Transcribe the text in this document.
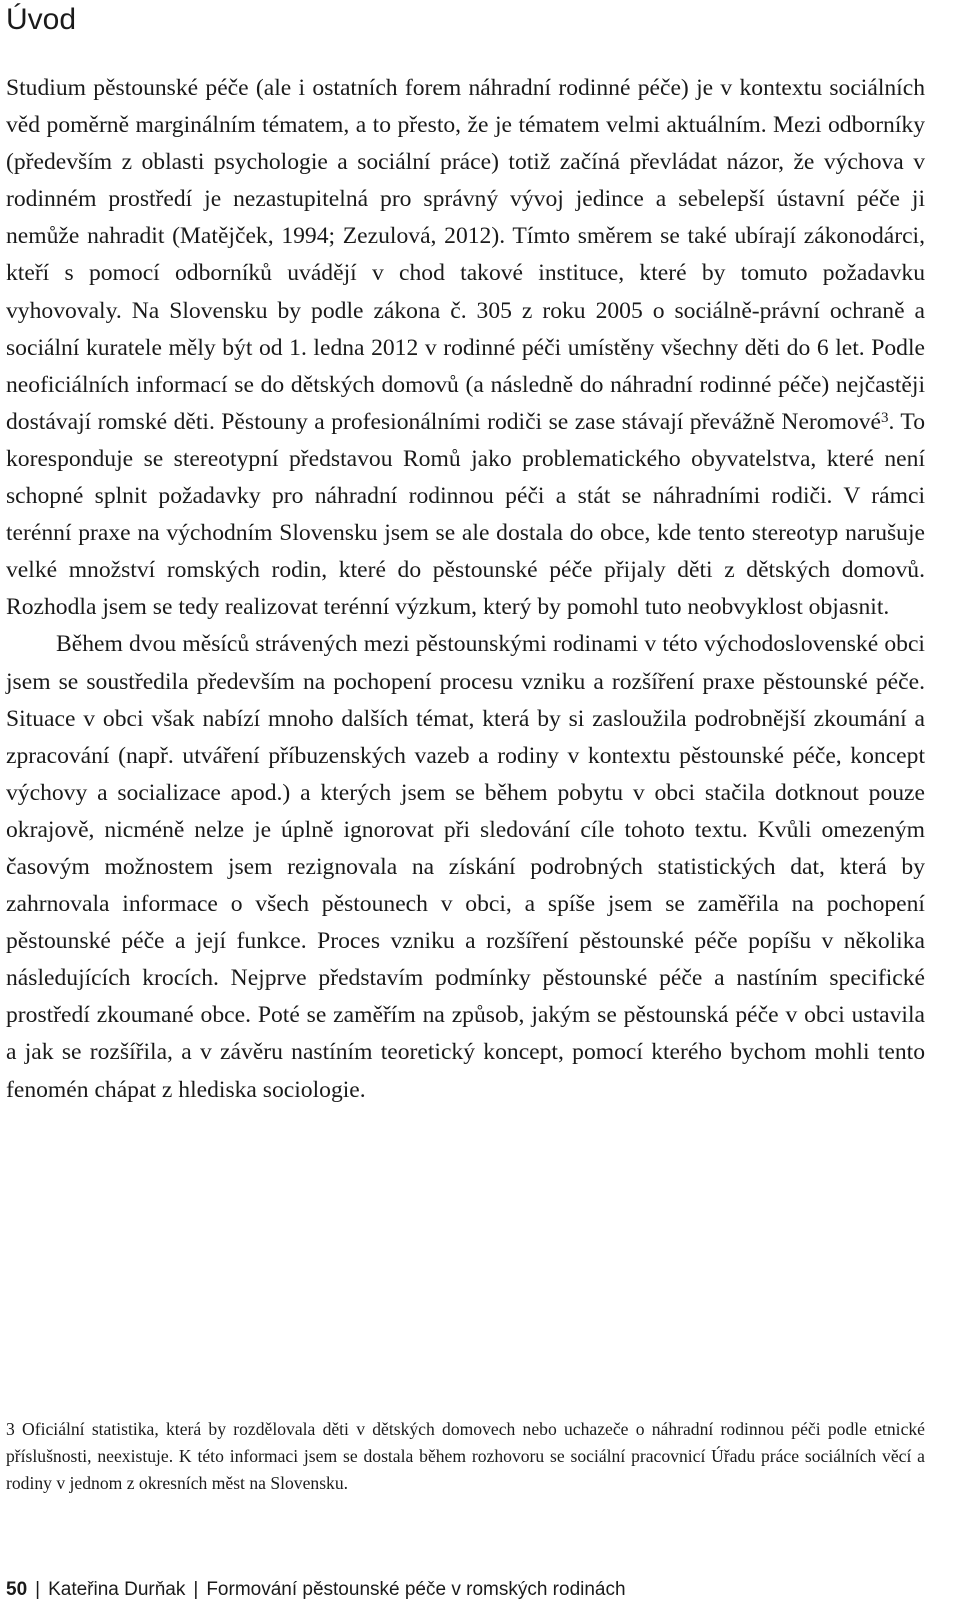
Úvod

Studium pěstounské péče (ale i ostatních forem náhradní rodinné péče) je v kontextu sociálních věd poměrně marginálním tématem, a to přesto, že je tématem velmi aktuálním. Mezi odborníky (především z oblasti psychologie a sociální práce) totiž začíná převládat názor, že výchova v rodinném prostředí je nezastupitelná pro správný vývoj jedince a sebelepší ústavní péče ji nemůže nahradit (Matějček, 1994; Zezulová, 2012). Tímto směrem se také ubírají zákonodárci, kteří s pomocí odborníků uvádějí v chod takové instituce, které by tomuto požadavku vyhovovaly. Na Slovensku by podle zákona č. 305 z roku 2005 o sociálně-právní ochraně a sociální kuratele měly být od 1. ledna 2012 v rodinné péči umístěny všechny děti do 6 let. Podle neoficiálních informací se do dětských domovů (a následně do náhradní rodinné péče) nejčastěji dostávají romské děti. Pěstouny a profesionálními rodiči se zase stávají převážně Neromové$^3$. To koresponduje se stereotypní představou Romů jako problematického obyvatelstva, které není schopné splnit požadavky pro náhradní rodinnou péči a stát se náhradními rodiči. V rámci terénní praxe na východním Slovensku jsem se ale dostala do obce, kde tento stereotyp narušuje velké množství romských rodin, které do pěstounské péče přijaly děti z dětských domovů. Rozhodla jsem se tedy realizovat terénní výzkum, který by pomohl tuto neobvyklost objasnit.

Během dvou měsíců strávených mezi pěstounskými rodinami v této východoslovenské obci jsem se soustředila především na pochopení procesu vzniku a rozšíření praxe pěstounské péče. Situace v obci však nabízí mnoho dalších témat, která by si zasloužila podrobnější zkoumání a zpracování (např. utváření příbuzenských vazeb a rodiny v kontextu pěstounské péče, koncept výchovy a socializace apod.) a kterých jsem se během pobytu v obci stačila dotknout pouze okrajově, nicméně nelze je úplně ignorovat při sledování cíle tohoto textu. Kvůli omezeným časovým možnostem jsem rezignovala na získání podrobných statistických dat, která by zahrnovala informace o všech pěstounech v obci, a spíše jsem se zaměřila na pochopení pěstounské péče a její funkce. Proces vzniku a rozšíření pěstounské péče popíšu v několika následujících krocích. Nejprve představím podmínky pěstounské péče a nastíním specifické prostředí zkoumané obce. Poté se zaměřím na způsob, jakým se pěstounská péče v obci ustavila a jak se rozšířila, a v závěru nastíním teoretický koncept, pomocí kterého bychom mohli tento fenomén chápat z hlediska sociologie.

3 Oficiální statistika, která by rozdělovala děti v dětských domovech nebo uchazeče o náhradní rodinnou péči podle etnické příslušnosti, neexistuje. K této informaci jsem se dostala během rozhovoru se sociální pracovnicí Úřadu práce sociálních věcí a rodiny v jednom z okresních měst na Slovensku.

50 | Kateřina Durňak | Formování pěstounské péče v romských rodinách
